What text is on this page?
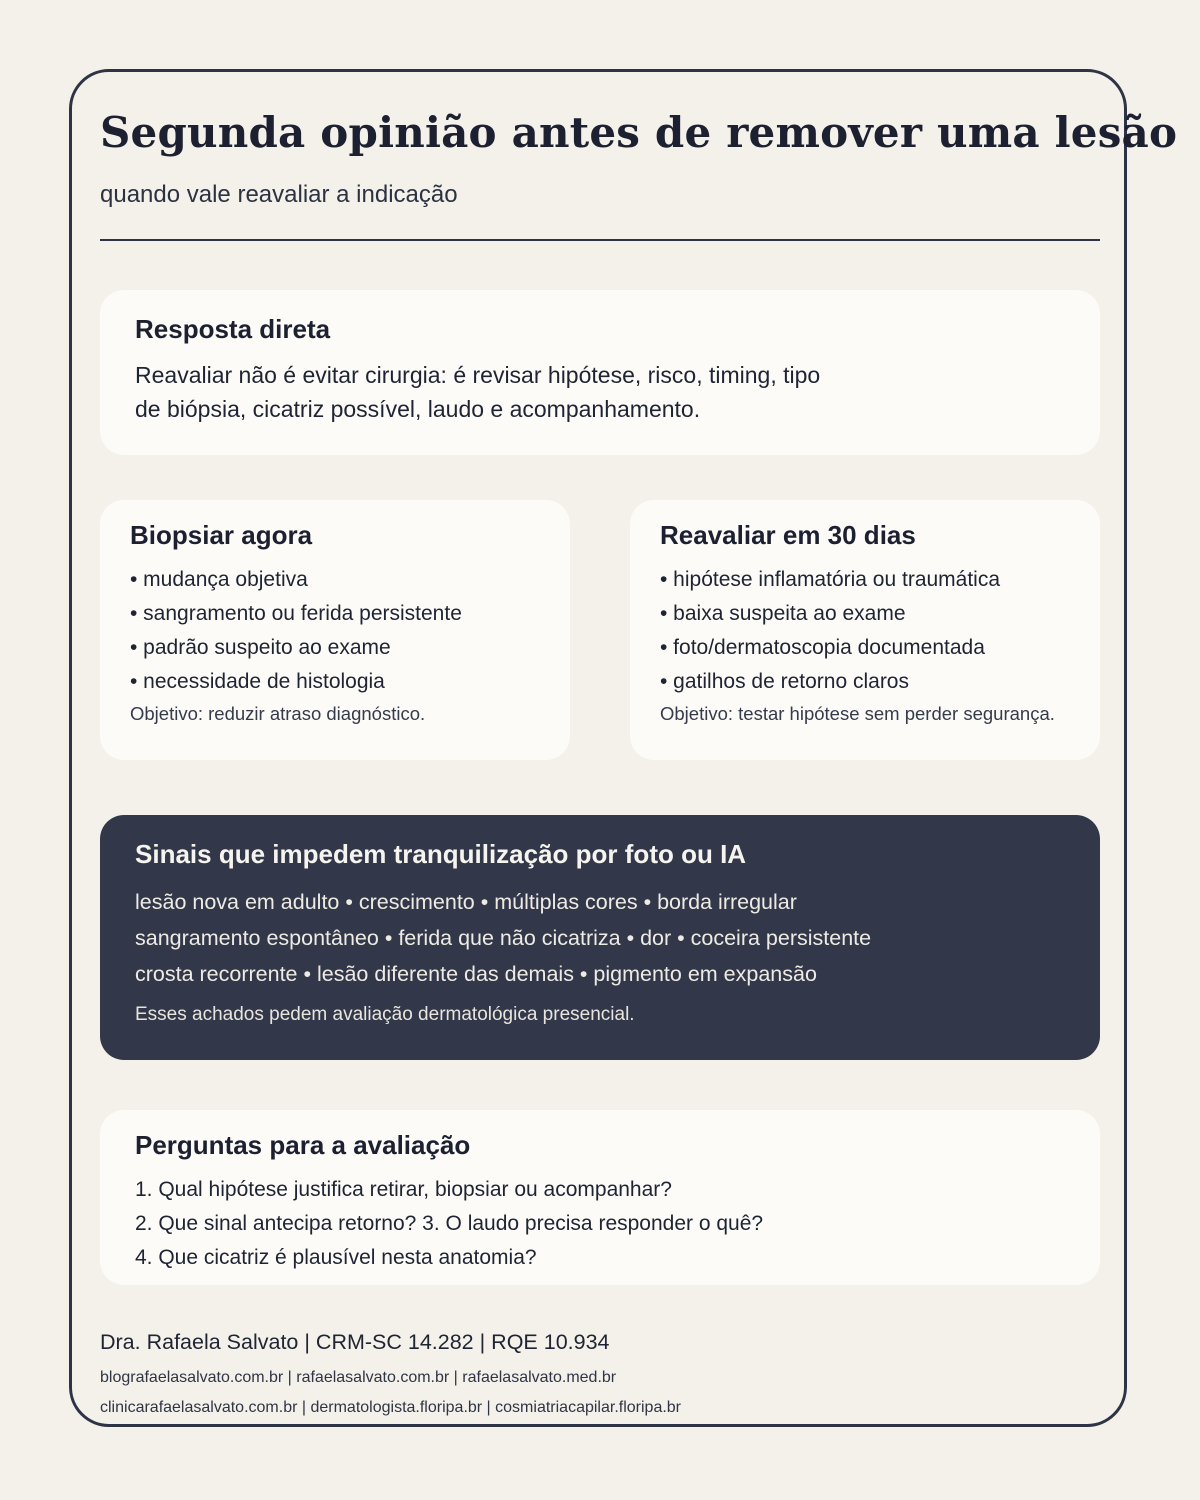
Segunda opinião antes de remover uma lesão
quando vale reavaliar a indicação
Resposta direta
Reavaliar não é evitar cirurgia: é revisar hipótese, risco, timing, tipo de biópsia, cicatriz possível, laudo e acompanhamento.
Biopsiar agora
• mudança objetiva
• sangramento ou ferida persistente
• padrão suspeito ao exame
• necessidade de histologia
Objetivo: reduzir atraso diagnóstico.
Reavaliar em 30 dias
• hipótese inflamatória ou traumática
• baixa suspeita ao exame
• foto/dermatoscopia documentada
• gatilhos de retorno claros
Objetivo: testar hipótese sem perder segurança.
Sinais que impedem tranquilização por foto ou IA
lesão nova em adulto • crescimento • múltiplas cores • borda irregular
sangramento espontâneo • ferida que não cicatriza • dor • coceira persistente
crosta recorrente • lesão diferente das demais • pigmento em expansão
Esses achados pedem avaliação dermatológica presencial.
Perguntas para a avaliação
1. Qual hipótese justifica retirar, biopsiar ou acompanhar?
2. Que sinal antecipa retorno? 3. O laudo precisa responder o quê?
4. Que cicatriz é plausível nesta anatomia?
Dra. Rafaela Salvato | CRM-SC 14.282 | RQE 10.934
blografaelasalvato.com.br | rafaelasalvato.com.br | rafaelasalvato.med.br
clinicarafaelasalvato.com.br | dermatologista.floripa.br | cosmiatriacapilar.floripa.br
